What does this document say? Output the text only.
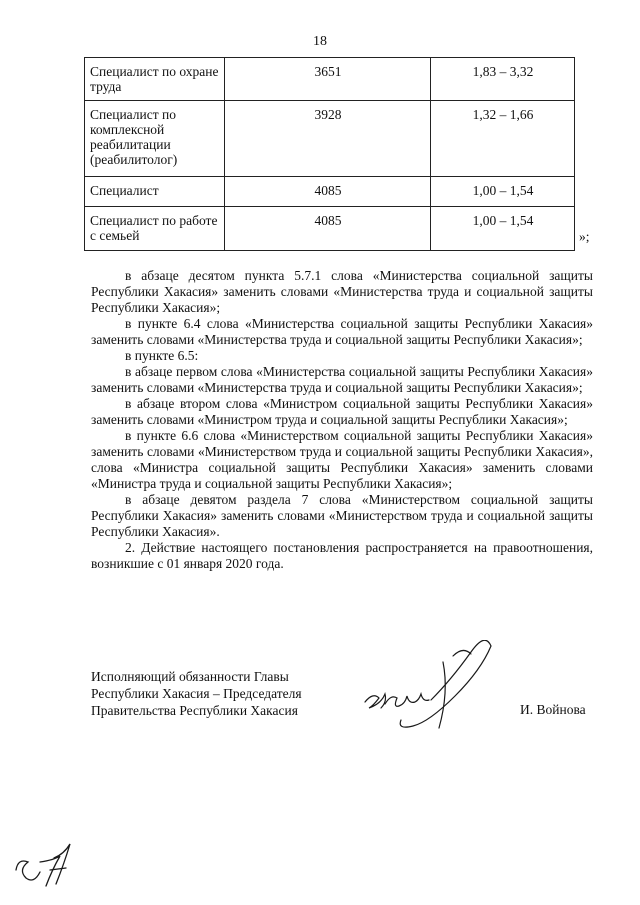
18
Специалист по охране труда	3651	1,83 – 3,32
Специалист по комплексной реабилитации (реабилитолог)	3928	1,32 – 1,66
Специалист	4085	1,00 – 1,54
Специалист по работе с семьей	4085	1,00 – 1,54
»;

в абзаце десятом пункта 5.7.1 слова «Министерства социальной защиты Республики Хакасия» заменить словами «Министерства труда и социальной защиты Республики Хакасия»;

в пункте 6.4 слова «Министерства социальной защиты Республики Хакасия» заменить словами «Министерства труда и социальной защиты Республики Хакасия»;

в пункте 6.5:

в абзаце первом слова «Министерства социальной защиты Республики Хакасия» заменить словами «Министерства труда и социальной защиты Республики Хакасия»;

в абзаце втором слова «Министром социальной защиты Республики Хакасия» заменить словами «Министром труда и социальной защиты Республики Хакасия»;

в пункте 6.6 слова «Министерством социальной защиты Республики Хакасия» заменить словами «Министерством труда и социальной защиты Республики Хакасия», слова «Министра социальной защиты Республики Хакасия» заменить словами «Министра труда и социальной защиты Республики Хакасия»;

в абзаце девятом раздела 7 слова «Министерством социальной защиты Республики Хакасия» заменить словами «Министерством труда и социальной защиты Республики Хакасия».

2. Действие настоящего постановления распространяется на правоотношения, возникшие с 01 января 2020 года.

Исполняющий обязанности Главы
Республики Хакасия – Председателя
Правительства Республики Хакасия	И. Войнова
